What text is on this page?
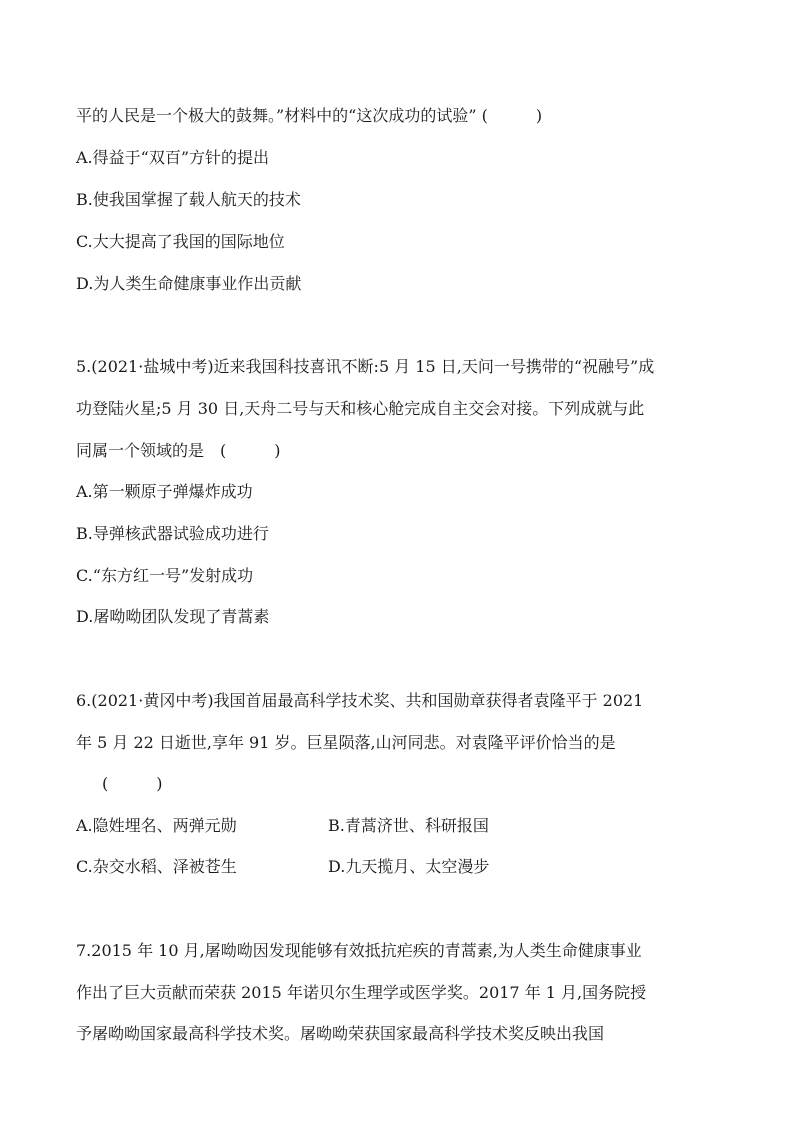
平的人民是一个极大的鼓舞。”材料中的“这次成功的试验” (　　　)
A.得益于“双百”方针的提出
B.使我国掌握了载人航天的技术
C.大大提高了我国的国际地位
D.为人类生命健康事业作出贡献
5.(2021·盐城中考)近来我国科技喜讯不断:5 月 15 日,天问一号携带的“祝融号”成
功登陆火星;5 月 30 日,天舟二号与天和核心舱完成自主交会对接。下列成就与此
同属一个领域的是　(　　　)
A.第一颗原子弹爆炸成功
B.导弹核武器试验成功进行
C.“东方红一号”发射成功
D.屠呦呦团队发现了青蒿素
6.(2021·黄冈中考)我国首届最高科学技术奖、共和国勋章获得者袁隆平于 2021
年 5 月 22 日逝世,享年 91 岁。巨星陨落,山河同悲。对袁隆平评价恰当的是
(　　　)
A.隐姓埋名、两弹元勋	B.青蒿济世、科研报国
C.杂交水稻、泽被苍生	D.九天揽月、太空漫步
7.2015 年 10 月,屠呦呦因发现能够有效抵抗疟疾的青蒿素,为人类生命健康事业
作出了巨大贡献而荣获 2015 年诺贝尔生理学或医学奖。2017 年 1 月,国务院授
予屠呦呦国家最高科学技术奖。屠呦呦荣获国家最高科学技术奖反映出我国
